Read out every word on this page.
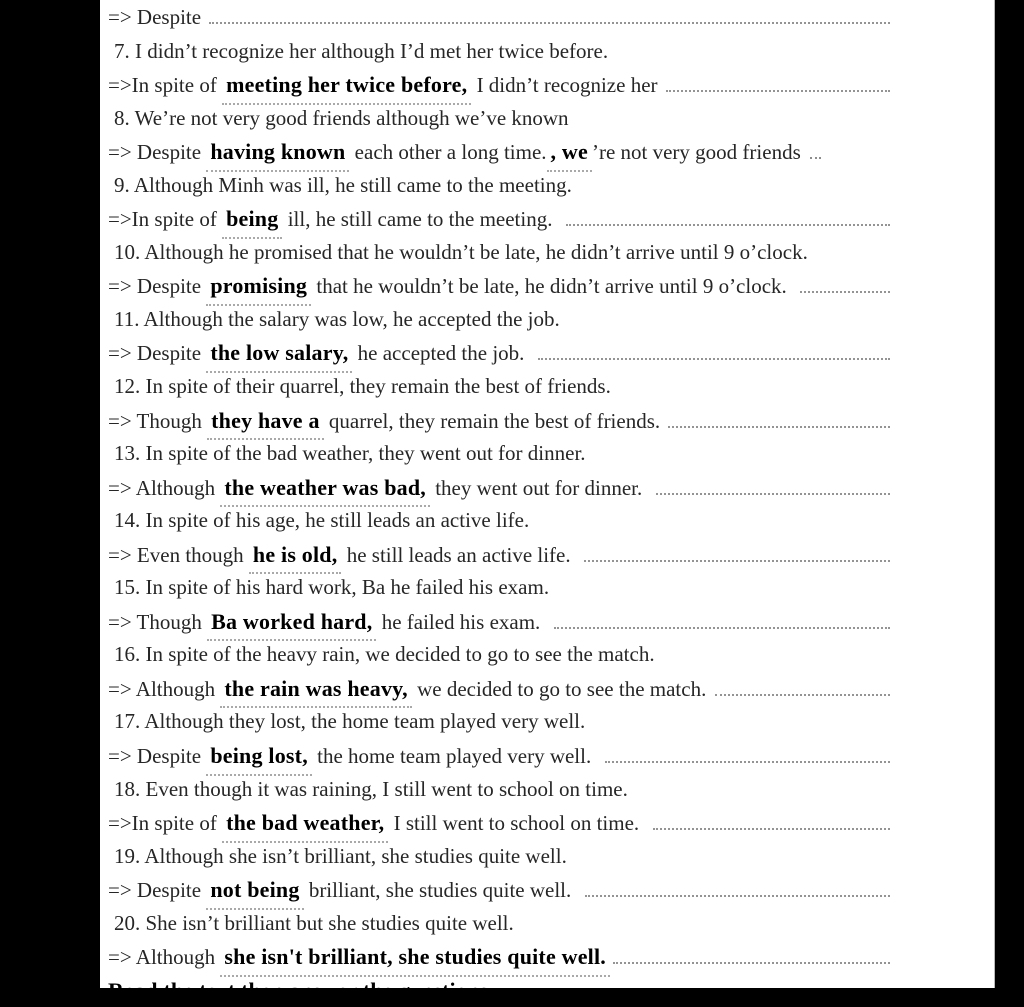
=> Despite
7. I didn’t recognize her although I’d met her twice before.
=>In spite of meeting her twice before, I didn’t recognize her
8. We’re not very good friends although we’ve known
=> Despite having known each other a long time. , we ’re not very good friends
9. Although Minh was ill, he still came to the meeting.
=>In spite of being ill, he still came to the meeting.
10. Although he promised that he wouldn’t be late, he didn’t arrive until 9 o’clock.
=> Despite promising that he wouldn’t be late, he didn’t arrive until 9 o’clock.
11. Although the salary was low, he accepted the job.
=> Despite the low salary, he accepted the job.
12. In spite of their quarrel, they remain the best of friends.
=> Though they have a quarrel, they remain the best of friends.
13. In spite of the bad weather, they went out for dinner.
=> Although the weather was bad, they went out for dinner.
14. In spite of his age, he still leads an active life.
=> Even though he is old, he still leads an active life.
15. In spite of his hard work, Ba he failed his exam.
=> Though Ba worked hard, he failed his exam.
16. In spite of the heavy rain, we decided to go to see the match.
=> Although the rain was heavy, we decided to go to see the match.
17. Although they lost, the home team played very well.
=> Despite being lost, the home team played very well.
18. Even though it was raining, I still went to school on time.
=>In spite of the bad weather, I still went to school on time.
19. Although she isn’t brilliant, she studies quite well.
=> Despite not being brilliant, she studies quite well.
20. She isn’t brilliant but she studies quite well.
=> Although she isn't brilliant, she studies quite well.
Read the text then answer the questions
